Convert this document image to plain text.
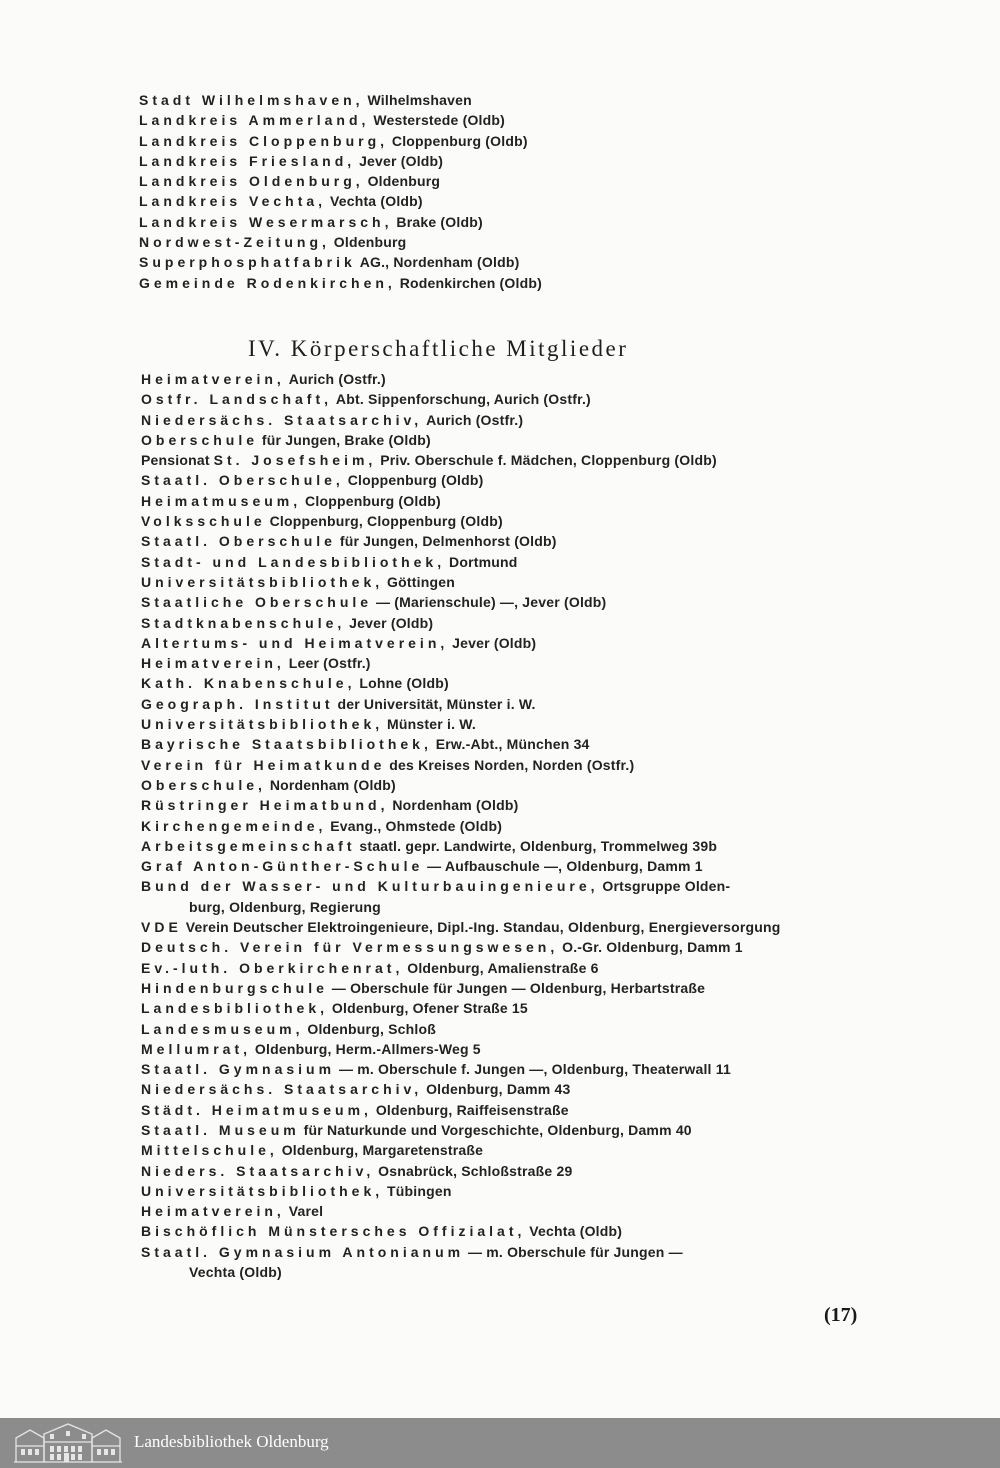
Stadt Wilhelmshaven, Wilhelmshaven
Landkreis Ammerland, Westerstede (Oldb)
Landkreis Cloppenburg, Cloppenburg (Oldb)
Landkreis Friesland, Jever (Oldb)
Landkreis Oldenburg, Oldenburg
Landkreis Vechta, Vechta (Oldb)
Landkreis Wesermarsch, Brake (Oldb)
Nordwest-Zeitung, Oldenburg
Superphosphatfabrik AG., Nordenham (Oldb)
Gemeinde Rodenkirchen, Rodenkirchen (Oldb)
IV. Körperschaftliche Mitglieder
Heimatverein, Aurich (Ostfr.)
Ostfr. Landschaft, Abt. Sippenforschung, Aurich (Ostfr.)
Niedersächs. Staatsarchiv, Aurich (Ostfr.)
Oberschule für Jungen, Brake (Oldb)
Pensionat St. Josefsheim, Priv. Oberschule f. Mädchen, Cloppenburg (Oldb)
Staatl. Oberschule, Cloppenburg (Oldb)
Heimatmuseum, Cloppenburg (Oldb)
Volksschule Cloppenburg, Cloppenburg (Oldb)
Staatl. Oberschule für Jungen, Delmenhorst (Oldb)
Stadt- und Landesbibliothek, Dortmund
Universitätsbibliothek, Göttingen
Staatliche Oberschule — (Marienschule) —, Jever (Oldb)
Stadtknabenschule, Jever (Oldb)
Altertums- und Heimatverein, Jever (Oldb)
Heimatverein, Leer (Ostfr.)
Kath. Knabenschule, Lohne (Oldb)
Geograph. Institut der Universität, Münster i. W.
Universitätsbibliothek, Münster i. W.
Bayrische Staatsbibliothek, Erw.-Abt., München 34
Verein für Heimatkunde des Kreises Norden, Norden (Ostfr.)
Oberschule, Nordenham (Oldb)
Rüstringer Heimatbund, Nordenham (Oldb)
Kirchengemeinde, Evang., Ohmstede (Oldb)
Arbeitsgemeinschaft staatl. gepr. Landwirte, Oldenburg, Trommelweg 39b
Graf Anton-Günther-Schule — Aufbauschule —, Oldenburg, Damm 1
Bund der Wasser- und Kulturbauingenieure, Ortsgruppe Olden-
burg, Oldenburg, Regierung
VDE Verein Deutscher Elektroingenieure, Dipl.-Ing. Standau, Oldenburg, Energieversorgung
Deutsch. Verein für Vermessungswesen, O.-Gr. Oldenburg, Damm 1
Ev.-luth. Oberkirchenrat, Oldenburg, Amalienstraße 6
Hindenburgschule — Oberschule für Jungen — Oldenburg, Herbartstraße
Landesbibliothek, Oldenburg, Ofener Straße 15
Landesmuseum, Oldenburg, Schloß
Mellumrat, Oldenburg, Herm.-Allmers-Weg 5
Staatl. Gymnasium — m. Oberschule f. Jungen —, Oldenburg, Theaterwall 11
Niedersächs. Staatsarchiv, Oldenburg, Damm 43
Städt. Heimatmuseum, Oldenburg, Raiffeisenstraße
Staatl. Museum für Naturkunde und Vorgeschichte, Oldenburg, Damm 40
Mittelschule, Oldenburg, Margaretenstraße
Nieders. Staatsarchiv, Osnabrück, Schloßstraße 29
Universitätsbibliothek, Tübingen
Heimatverein, Varel
Bischöflich Münstersches Offizialat, Vechta (Oldb)
Staatl. Gymnasium Antonianum — m. Oberschule für Jungen —
Vechta (Oldb)
(17)
Landesbibliothek Oldenburg
